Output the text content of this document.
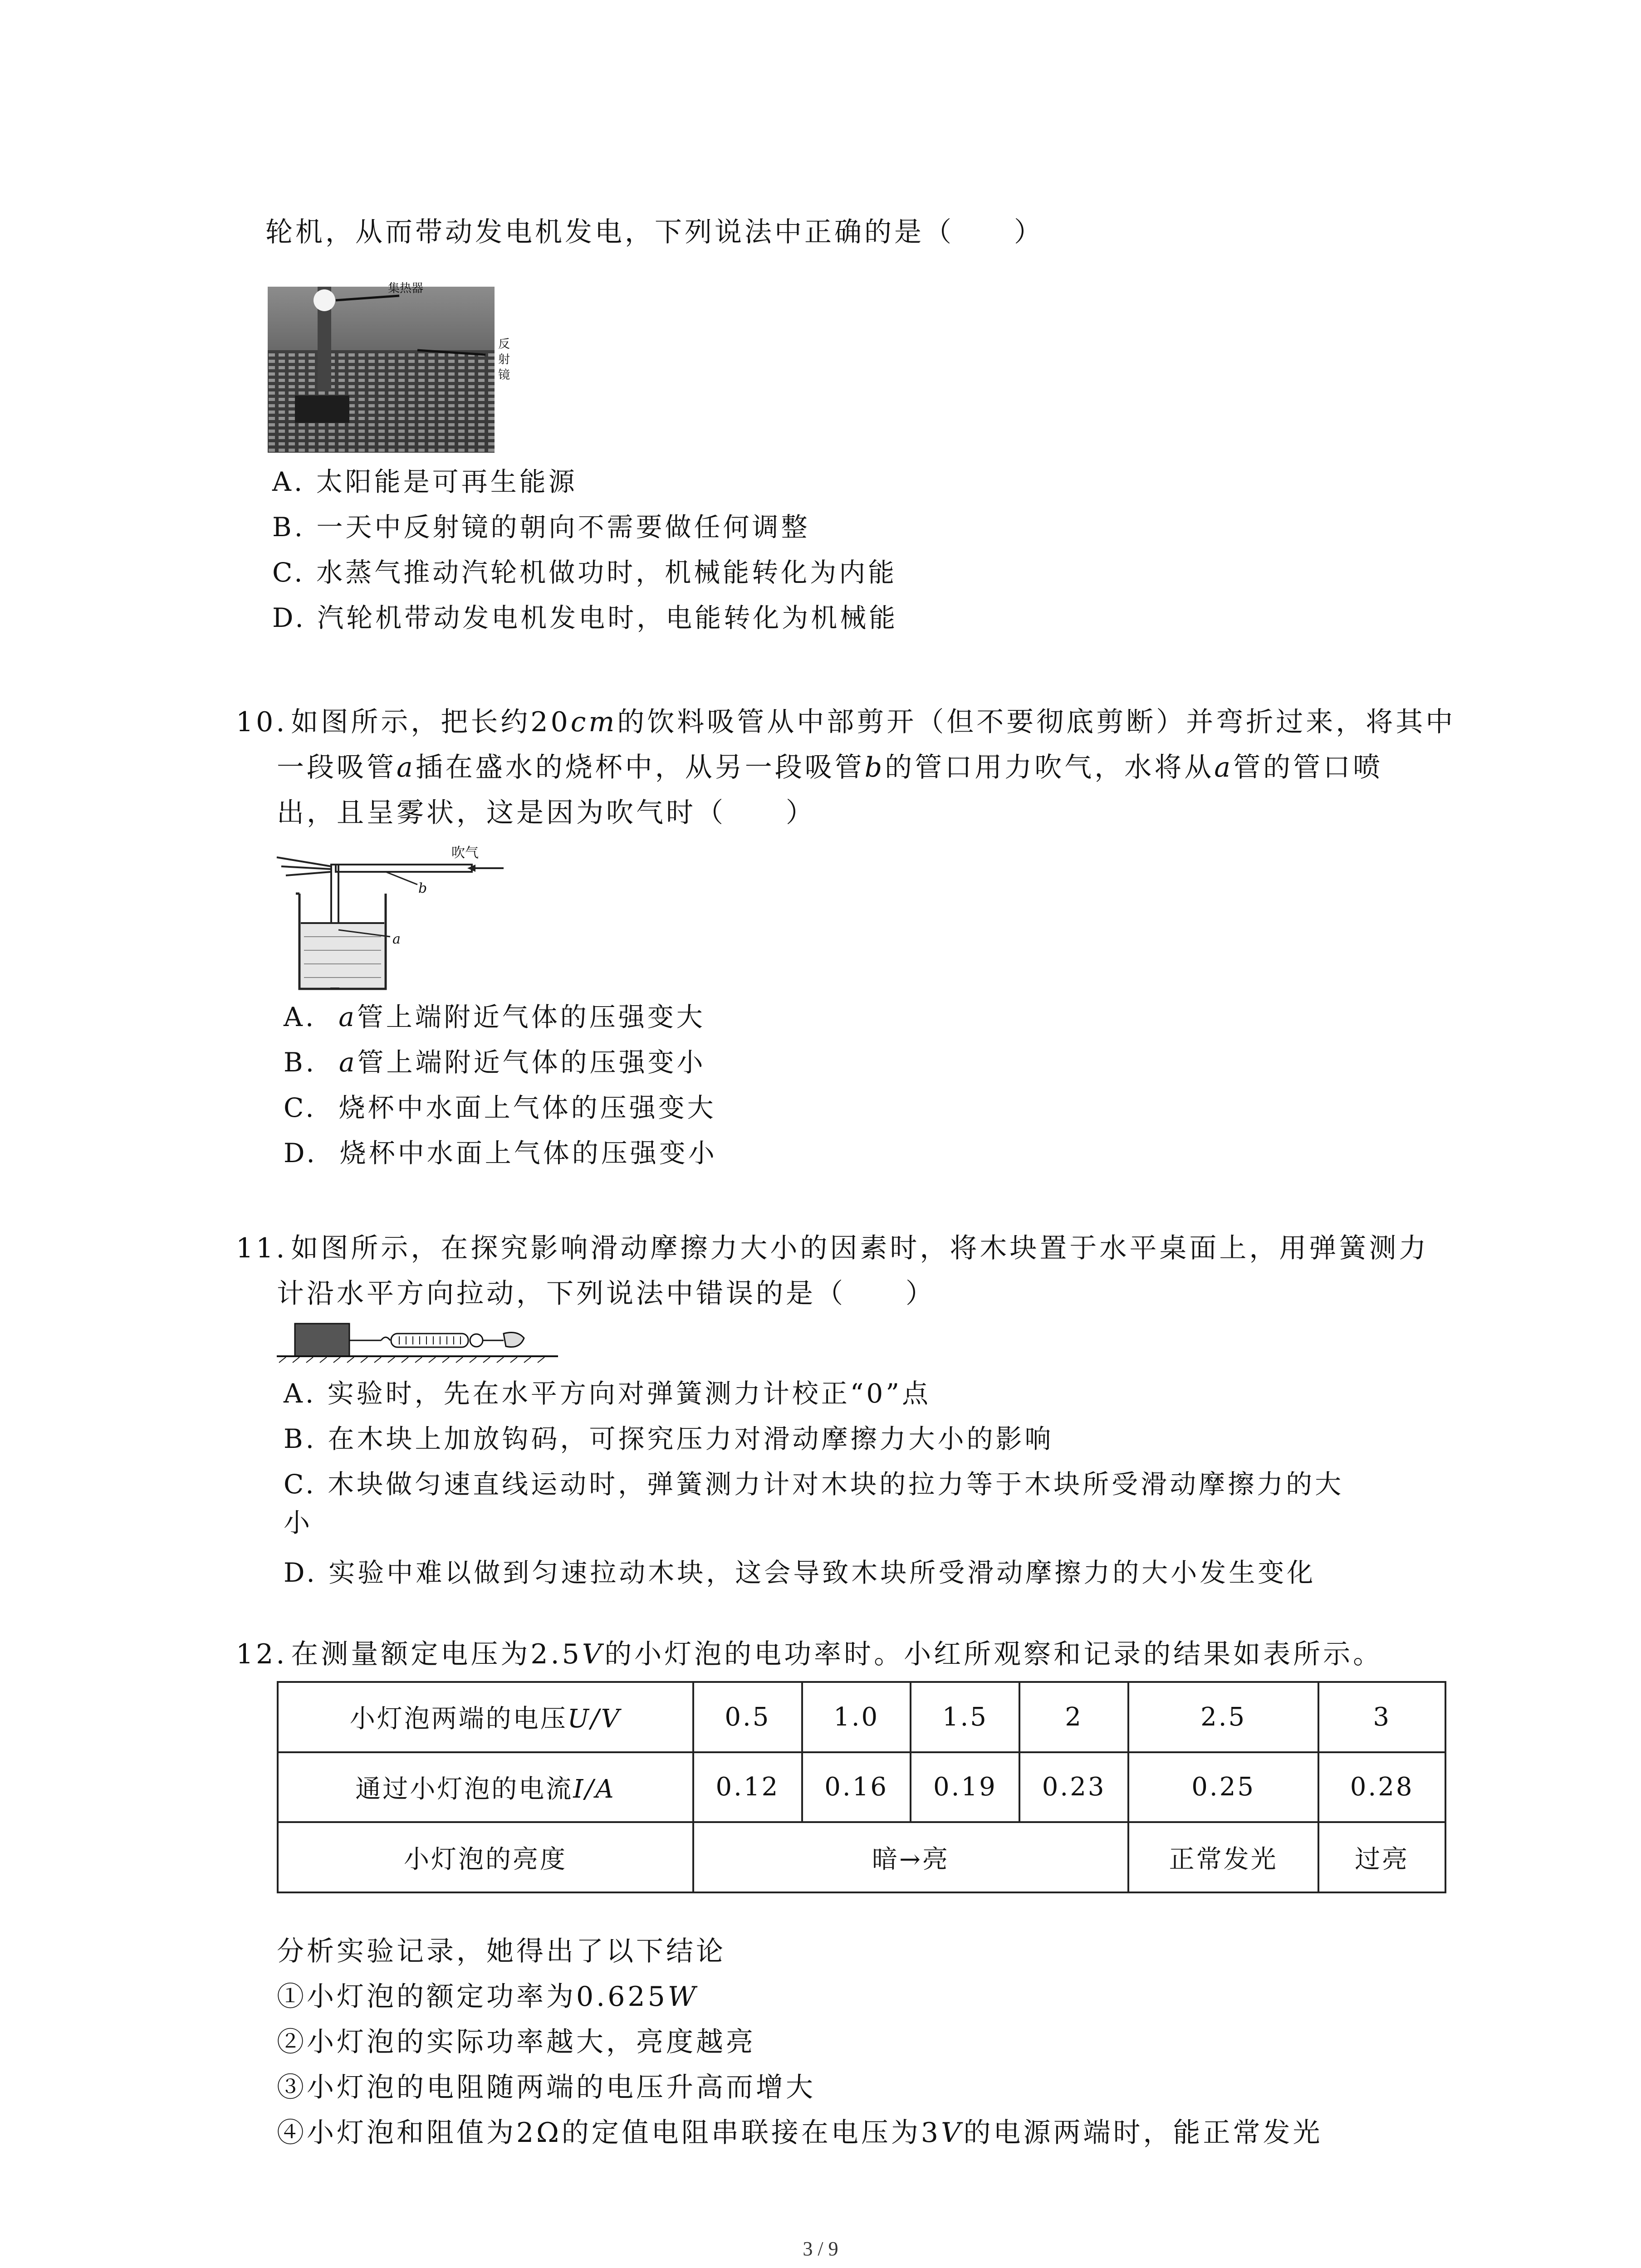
轮机，从而带动发电机发电，下列说法中正确的是（　　）
集热器
反射镜
A. 太阳能是可再生能源
B. 一天中反射镜的朝向不需要做任何调整
C. 水蒸气推动汽轮机做功时，机械能转化为内能
D. 汽轮机带动发电机发电时，电能转化为机械能
10. 如图所示，把长约20cm的饮料吸管从中部剪开（但不要彻底剪断）并弯折过来，将其中
一段吸管a插在盛水的烧杯中，从另一段吸管b的管口用力吹气，水将从a管的管口喷
出，且呈雾状，这是因为吹气时（　　）
吹气
b
a
A. a管上端附近气体的压强变大
B. a管上端附近气体的压强变小
C. 烧杯中水面上气体的压强变大
D. 烧杯中水面上气体的压强变小
11. 如图所示，在探究影响滑动摩擦力大小的因素时，将木块置于水平桌面上，用弹簧测力
计沿水平方向拉动，下列说法中错误的是（　　）
A. 实验时，先在水平方向对弹簧测力计校正“0”点
B. 在木块上加放钩码，可探究压力对滑动摩擦力大小的影响
C. 木块做匀速直线运动时，弹簧测力计对木块的拉力等于木块所受滑动摩擦力的大
小
D. 实验中难以做到匀速拉动木块，这会导致木块所受滑动摩擦力的大小发生变化
12. 在测量额定电压为2.5V的小灯泡的电功率时。小红所观察和记录的结果如表所示。
小灯泡两端的电压U/V	0.5	1.0	1.5	2	2.5	3
通过小灯泡的电流I/A	0.12	0.16	0.19	0.23	0.25	0.28
小灯泡的亮度	暗→亮				正常发光	过亮
分析实验记录，她得出了以下结论
①小灯泡的额定功率为0.625W
②小灯泡的实际功率越大，亮度越亮
③小灯泡的电阻随两端的电压升高而增大
④小灯泡和阻值为2Ω的定值电阻串联接在电压为3V的电源两端时，能正常发光
3 / 9
